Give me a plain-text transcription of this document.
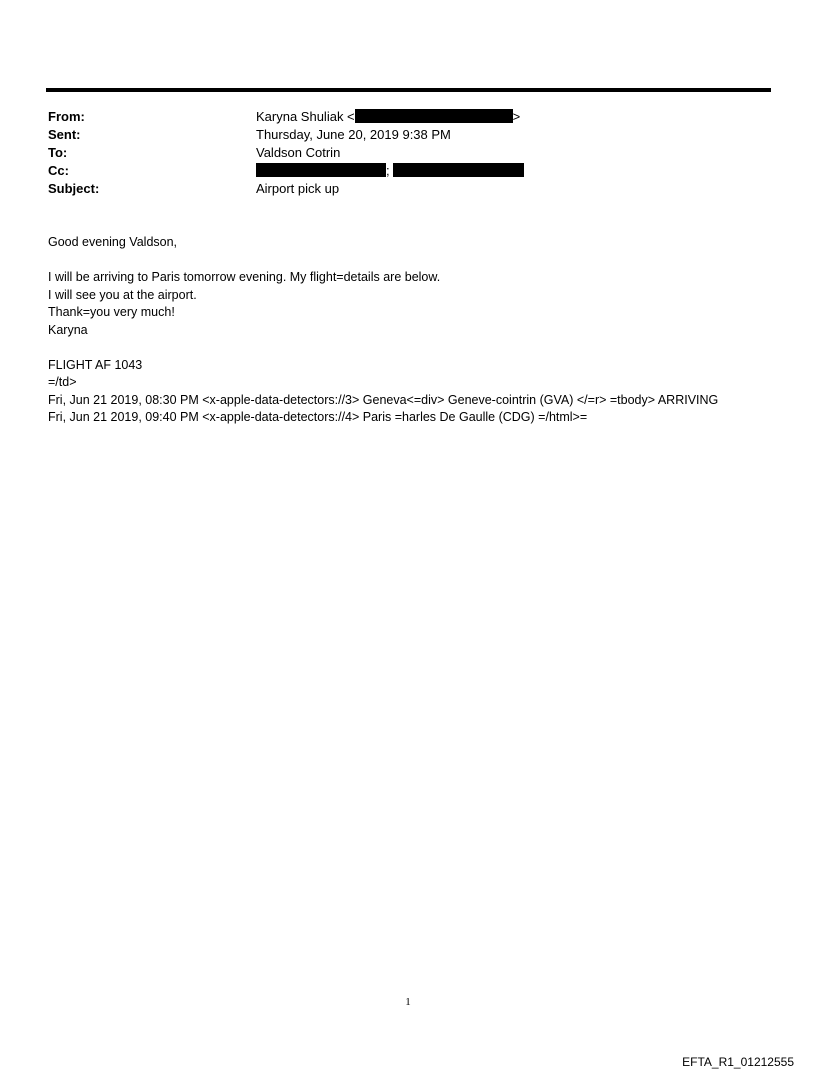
From:	Karyna Shuliak <	>
Sent:	Thursday, June 20, 2019 9:38 PM
To:	Valdson Cotrin
Cc:	;
Subject:	Airport pick up

Good evening Valdson,

I will be arriving to Paris tomorrow evening. My flight=details are below.

I will see you at the airport.

Thank=you very much!

Karyna

FLIGHT AF 1043

=/td>

Fri, Jun 21 2019, 08:30 PM <x-apple-data-detectors://3> Geneva<=div> Geneve-cointrin (GVA) </=r> =tbody> ARRIVING

Fri, Jun 21 2019, 09:40 PM <x-apple-data-detectors://4> Paris =harles De Gaulle (CDG) =/html>=

1
EFTA_R1_01212555
